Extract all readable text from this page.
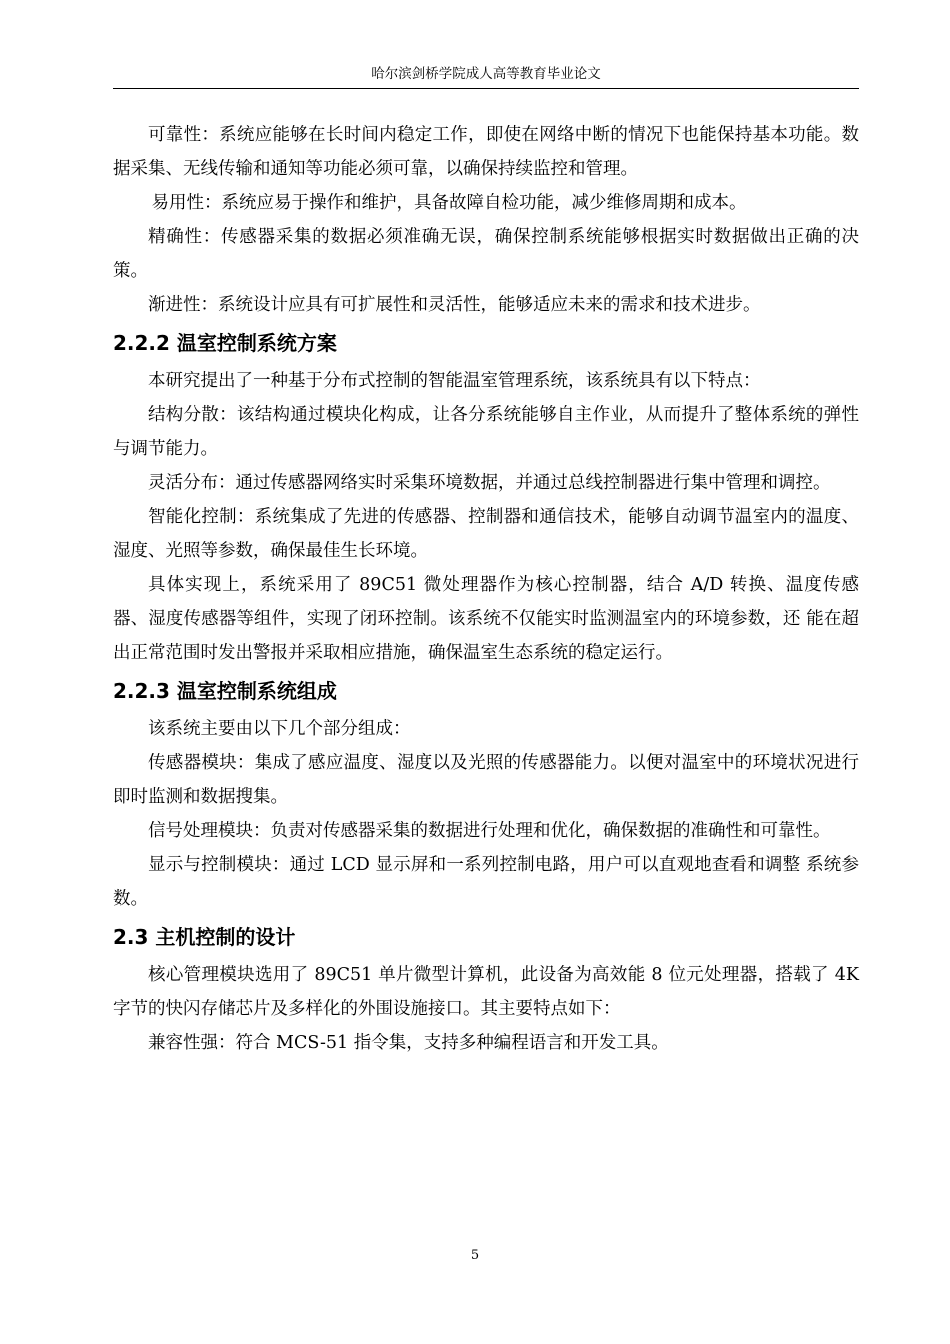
哈尔滨剑桥学院成人高等教育毕业论文

可靠性：系统应能够在长时间内稳定工作，即使在网络中断的情况下也能保持基本功能。数据采集、无线传输和通知等功能必须可靠，以确保持续监控和管理。

易用性：系统应易于操作和维护，具备故障自检功能，减少维修周期和成本。

精确性：传感器采集的数据必须准确无误，确保控制系统能够根据实时数据做出正确的决策。

渐进性：系统设计应具有可扩展性和灵活性，能够适应未来的需求和技术进步。

2.2.2 温室控制系统方案

本研究提出了一种基于分布式控制的智能温室管理系统，该系统具有以下特点：

结构分散：该结构通过模块化构成，让各分系统能够自主作业，从而提升了整体系统的弹性与调节能力。

灵活分布：通过传感器网络实时采集环境数据，并通过总线控制器进行集中管理和调控。

智能化控制：系统集成了先进的传感器、控制器和通信技术，能够自动调节温室内的温度、湿度、光照等参数，确保最佳生长环境。

具体实现上，系统采用了 89C51 微处理器作为核心控制器，结合 A/D 转换、温度传感 器、湿度传感器等组件，实现了闭环控制。该系统不仅能实时监测温室内的环境参数，还 能在超出正常范围时发出警报并采取相应措施，确保温室生态系统的稳定运行。

2.2.3 温室控制系统组成

该系统主要由以下几个部分组成：

传感器模块：集成了感应温度、湿度以及光照的传感器能力。以便对温室中的环境状况进行即时监测和数据搜集。

信号处理模块：负责对传感器采集的数据进行处理和优化，确保数据的准确性和可靠性。

显示与控制模块：通过 LCD 显示屏和一系列控制电路，用户可以直观地查看和调整 系统参数。

2.3 主机控制的设计

核心管理模块选用了 89C51 单片微型计算机，此设备为高效能 8 位元处理器，搭载了 4K 字节的快闪存储芯片及多样化的外围设施接口。其主要特点如下：

兼容性强：符合 MCS-51 指令集，支持多种编程语言和开发工具。

5
